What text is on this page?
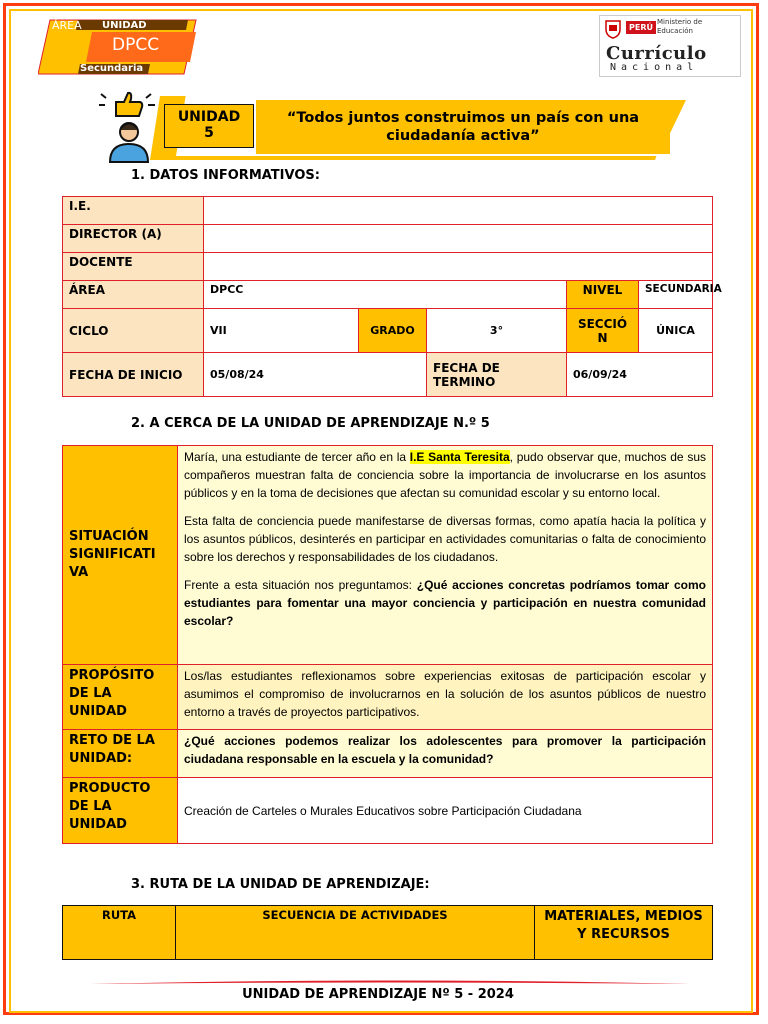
ÁREA UNIDAD
DPCC
Secundaria
PERÚ
Ministerio de Educación
Currículo
Nacional
UNIDAD
5
“Todos juntos construimos un país con una ciudadanía activa”
1. DATOS INFORMATIVOS:
I.E.					
DIRECTOR (A)					
DOCENTE					
ÁREA	DPCC			NIVEL	SECUNDARIA
CICLO	VII	GRADO	3°	SECCIÓ N	ÚNICA
FECHA DE INICIO	05/08/24		FECHA DE TERMINO	06/09/24	
2. A CERCA DE LA UNIDAD DE APRENDIZAJE N.º 5
SITUACIÓN SIGNIFICATI VA	María, una estudiante de tercer año en la I.E Santa Teresita, pudo observar que, muchos de sus compañeros muestran falta de conciencia sobre la importancia de involucrarse en los asuntos públicos y en la toma de decisiones que afectan su comunidad escolar y su entorno local.

Esta falta de conciencia puede manifestarse de diversas formas, como apatía hacia la política y los asuntos públicos, desinterés en participar en actividades comunitarias o falta de conocimiento sobre los derechos y responsabilidades de los ciudadanos.

Frente a esta situación nos preguntamos: ¿Qué acciones concretas podríamos tomar como estudiantes para fomentar una mayor conciencia y participación en nuestra comunidad escolar?

PROPÓSITO DE LA UNIDAD	Los/las estudiantes reflexionamos sobre experiencias exitosas de participación escolar y asumimos el compromiso de involucrarnos en la solución de los asuntos públicos de nuestro entorno a través de proyectos participativos.
RETO DE LA UNIDAD:	¿Qué acciones podemos realizar los adolescentes para promover la participación ciudadana responsable en la escuela y la comunidad?
PRODUCTO DE LA UNIDAD	Creación de Carteles o Murales Educativos sobre Participación Ciudadana
3. RUTA DE LA UNIDAD DE APRENDIZAJE:
RUTA	SECUENCIA DE ACTIVIDADES	MATERIALES, MEDIOS Y RECURSOS
UNIDAD DE APRENDIZAJE Nº 5 - 2024
